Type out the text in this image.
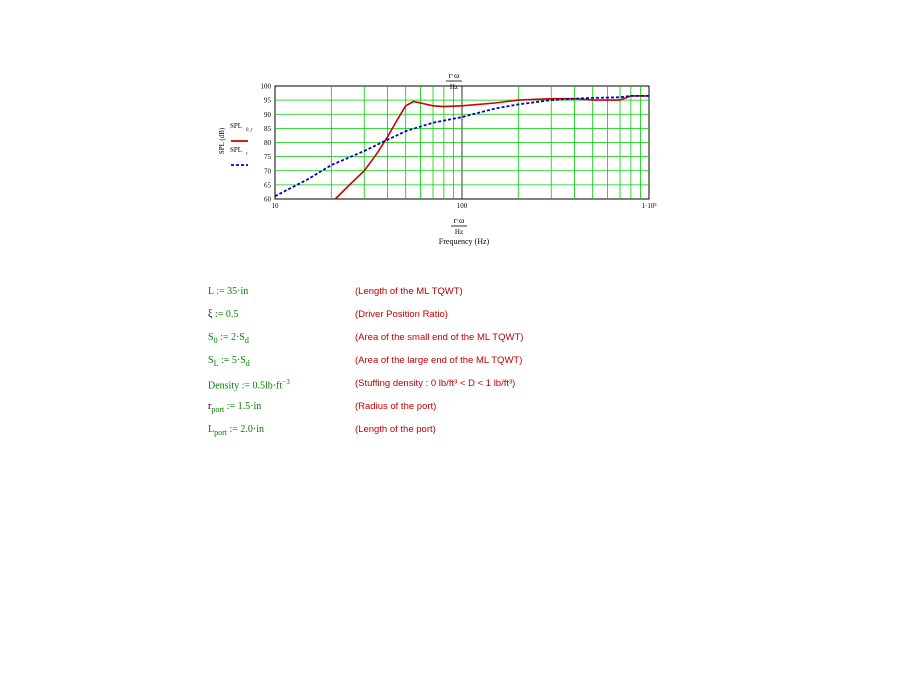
60
65
70
75
80
85
90
95
100
10	100	1·10³
r·ω
Hz
r·ω
Hz
Frequency (Hz)
SPL (dB)
SPL
0_r
SPL
r
L := 35·in	(Length of the ML TQWT)
ξ := 0.5	(Driver Position Ratio)
$S_0$ := $2\cdot S_d$	(Area of the small end of the ML TQWT)
$S_L$ := $5\cdot S_d$	(Area of the large end of the ML TQWT)
Density := $0.5lb\cdot ft^{-3}$	(Stuffing density : 0 lb/ft³ < D < 1 lb/ft³)
$r_{port}$ := 1.5·in	(Radius of the port)
$L_{port}$ := 2.0·in	(Length of the port)
